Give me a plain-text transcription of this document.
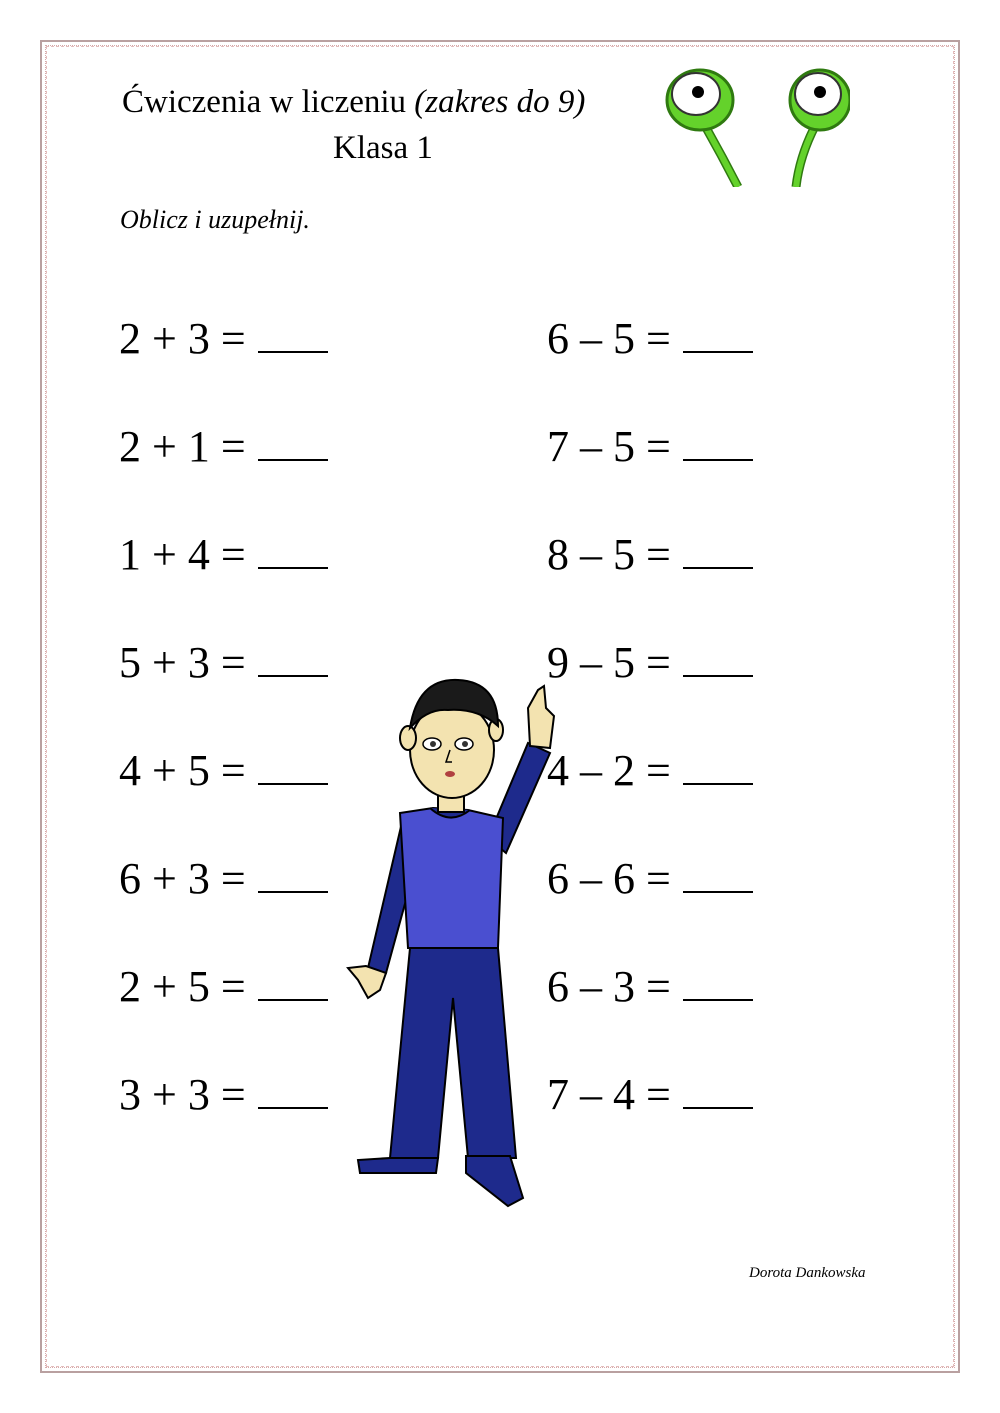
Ćwiczenia w liczeniu (zakres do 9)
Klasa 1
Oblicz i uzupełnij.
2 + 3 =
2 + 1 =
1 + 4 =
5 + 3 =
4 + 5 =
6 + 3 =
2 + 5 =
3 + 3 =
6 – 5 =
7 – 5 =
8 – 5 =
9 – 5 =
4 – 2 =
6 – 6 =
6 – 3 =
7 – 4 =
Dorota Dankowska
